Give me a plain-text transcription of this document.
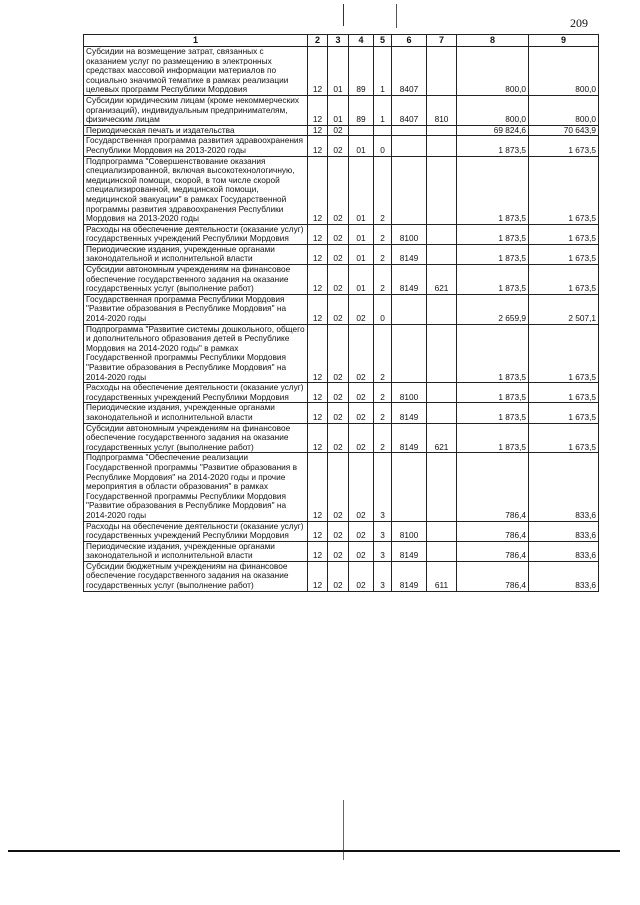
209
1	2	3	4	5	6	7	8	9
Субсидии на возмещение затрат, связанных с оказанием услуг по размещению в электронных средствах массовой информации материалов по социально значимой тематике в рамках реализации целевых программ Республики Мордовия	12	01	89	1	8407		800,0	800,0
Субсидии юридическим лицам (кроме некоммерческих организаций), индивидуальным предпринимателям, физическим лицам	12	01	89	1	8407	810	800,0	800,0
Периодическая печать и издательства	12	02					69 824,6	70 643,9
Государственная программа развития здравоохранения Республики Мордовия на 2013-2020 годы	12	02	01	0			1 873,5	1 673,5
Подпрограмма "Совершенствование оказания специализированной, включая высокотехнологичную, медицинской помощи, скорой, в том числе скорой специализированной, медицинской помощи, медицинской эвакуации" в рамках Государственной программы развития здравоохранения Республики Мордовия на 2013-2020 годы	12	02	01	2			1 873,5	1 673,5
Расходы на обеспечение деятельности (оказание услуг) государственных учреждений Республики Мордовия	12	02	01	2	8100		1 873,5	1 673,5
Периодические издания, учрежденные органами законодательной и исполнительной власти	12	02	01	2	8149		1 873,5	1 673,5
Субсидии автономным учреждениям на финансовое обеспечение государственного задания на оказание государственных услуг (выполнение работ)	12	02	01	2	8149	621	1 873,5	1 673,5
Государственная программа Республики Мордовия "Развитие образования в Республике Мордовия" на 2014-2020 годы	12	02	02	0			2 659,9	2 507,1
Подпрограмма "Развитие системы дошкольного, общего и дополнительного образования детей в Республике Мордовия на 2014-2020 годы" в рамках Государственной программы Республики Мордовия "Развитие образования в Республике Мордовия" на 2014-2020 годы	12	02	02	2			1 873,5	1 673,5
Расходы на обеспечение деятельности (оказание услуг) государственных учреждений Республики Мордовия	12	02	02	2	8100		1 873,5	1 673,5
Периодические издания, учрежденные органами законодательной и исполнительной власти	12	02	02	2	8149		1 873,5	1 673,5
Субсидии автономным учреждениям на финансовое обеспечение государственного задания на оказание государственных услуг (выполнение работ)	12	02	02	2	8149	621	1 873,5	1 673,5
Подпрограмма "Обеспечение реализации Государственной программы "Развитие образования в Республике Мордовия" на 2014-2020 годы и прочие мероприятия в области образования" в рамках Государственной программы Республики Мордовия "Развитие образования в Республике Мордовия" на 2014-2020 годы	12	02	02	3			786,4	833,6
Расходы на обеспечение деятельности (оказание услуг) государственных учреждений Республики Мордовия	12	02	02	3	8100		786,4	833,6
Периодические издания, учрежденные органами законодательной и исполнительной власти	12	02	02	3	8149		786,4	833,6
Субсидии бюджетным учреждениям на финансовое обеспечение государственного задания на оказание государственных услуг (выполнение работ)	12	02	02	3	8149	611	786,4	833,6
